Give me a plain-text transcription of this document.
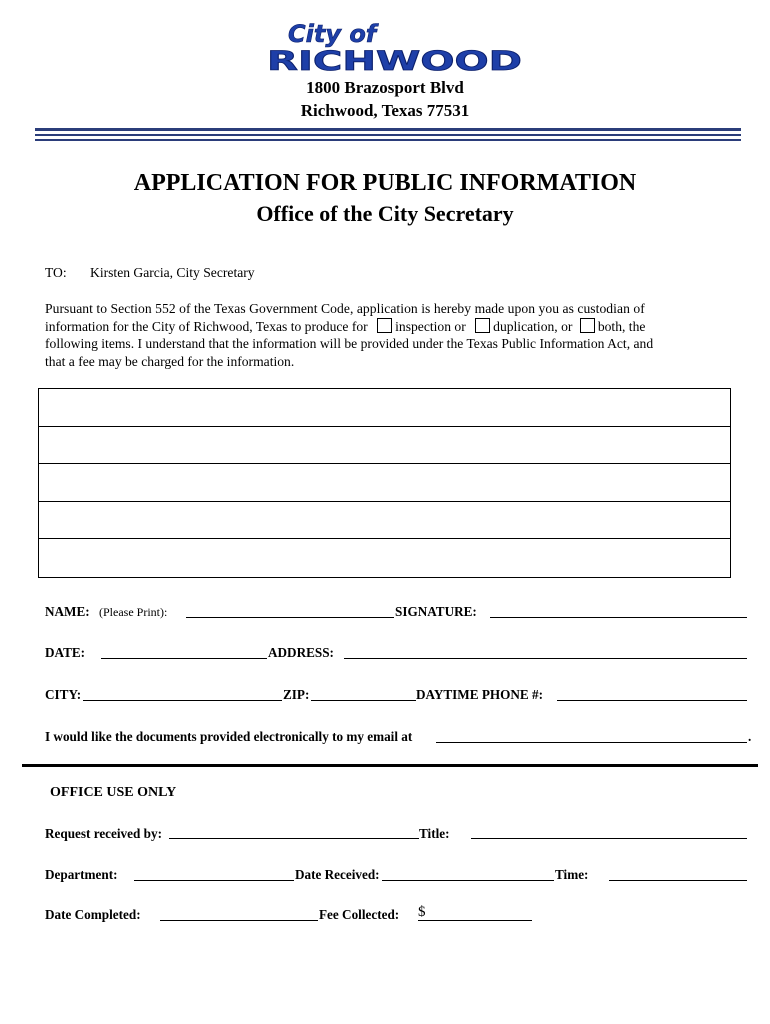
City of
RICHWOOD
1800 Brazosport Blvd
Richwood, Texas 77531
APPLICATION FOR PUBLIC INFORMATION
Office of the City Secretary
TO: Kirsten Garcia, City Secretary
Pursuant to Section 552 of the Texas Government Code, application is hereby made upon you as custodian of
information for the City of Richwood, Texas to produce for inspection or duplication, or both, the
following items. I understand that the information will be provided under the Texas Public Information Act, and
that a fee may be charged for the information.
NAME: (Please Print):	SIGNATURE:
DATE:	ADDRESS:
CITY:	ZIP:	DAYTIME PHONE #:
I would like the documents provided electronically to my email at	.
OFFICE USE ONLY
Request received by:	Title:
Department:	Date Received:	Time:
Date Completed:	Fee Collected: $
